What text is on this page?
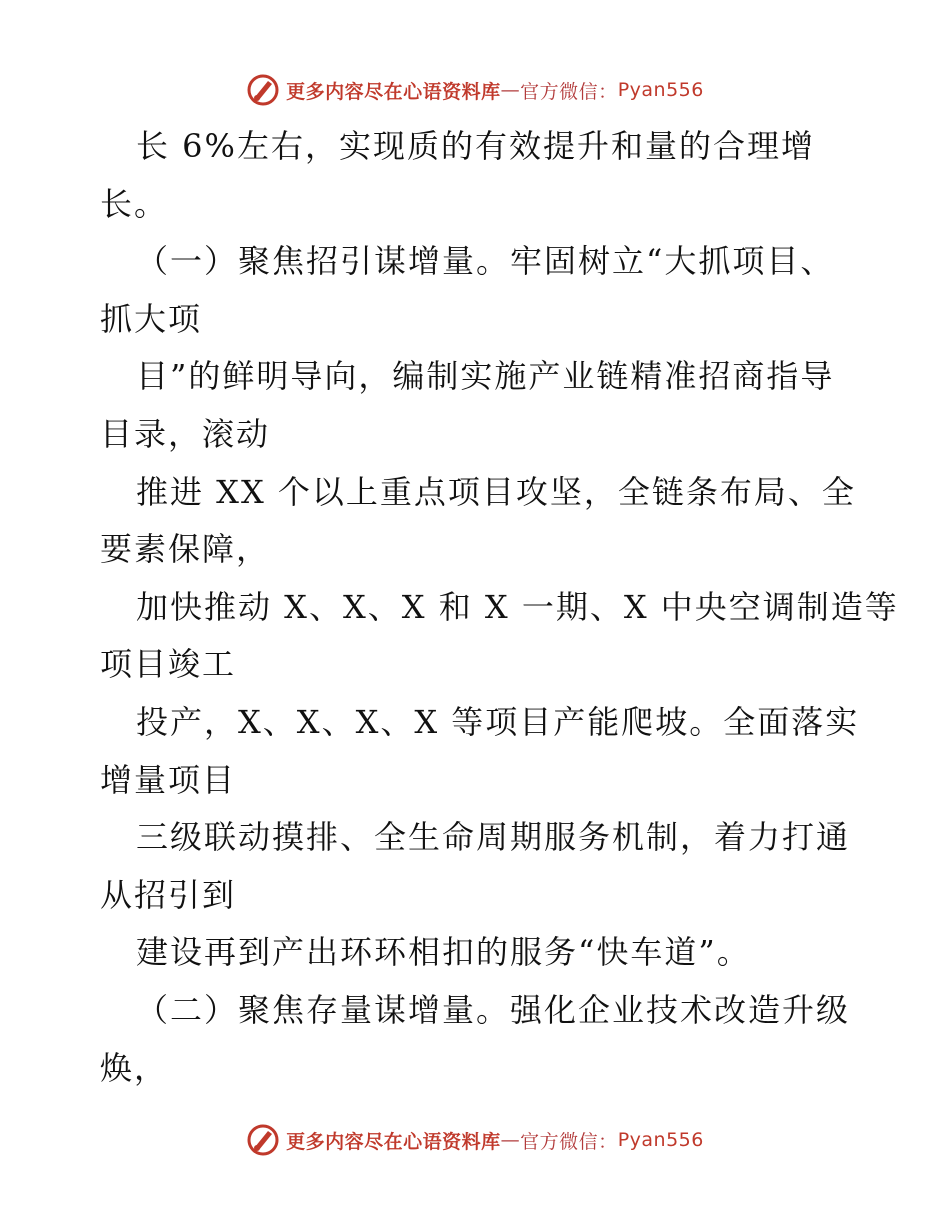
更多内容尽在心语资料库 — 官方微信： Pyan556
长 6%左右，实现质的有效提升和量的合理增
长。
（一）聚焦招引谋增量。牢固树立“大抓项目、
抓大项
目”的鲜明导向，编制实施产业链精准招商指导
目录，滚动
推进 XX 个以上重点项目攻坚，全链条布局、全
要素保障，
加快推动 X、X、X 和 X 一期、X 中央空调制造等
项目竣工
投产，X、X、X、X 等项目产能爬坡。全面落实
增量项目
三级联动摸排、全生命周期服务机制，着力打通
从招引到
建设再到产出环环相扣的服务“快车道”。
（二）聚焦存量谋增量。强化企业技术改造升级
焕，
更多内容尽在心语资料库 — 官方微信： Pyan556
